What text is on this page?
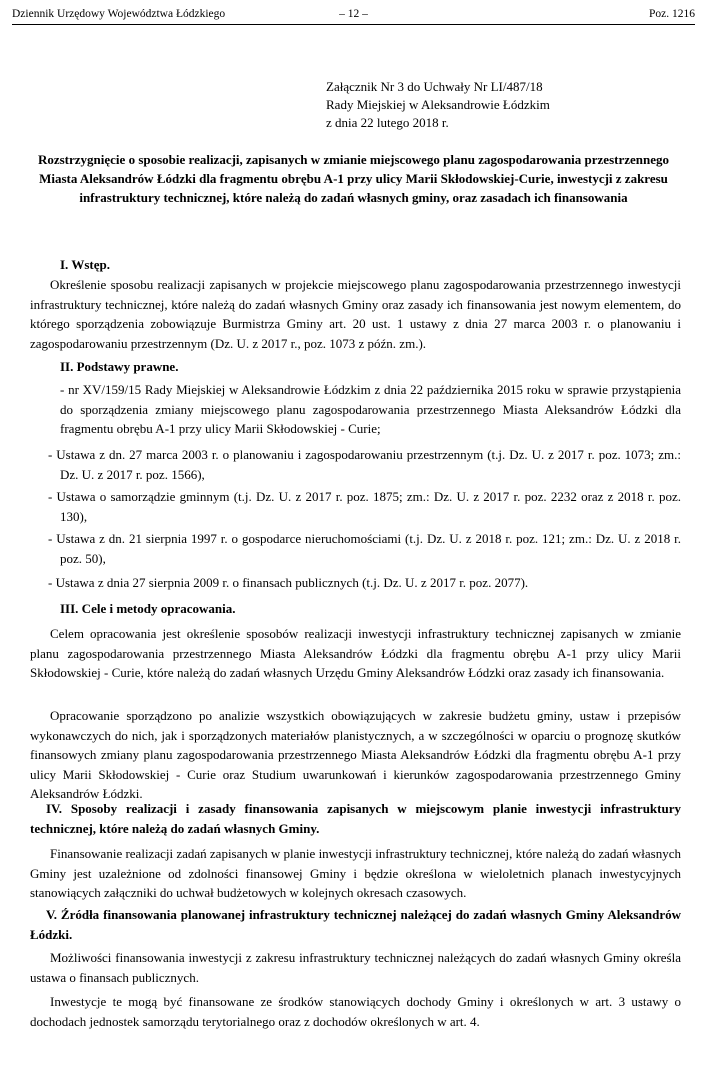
Dziennik Urzędowy Województwa Łódzkiego	– 12 –	Poz. 1216
Załącznik Nr 3 do Uchwały Nr LI/487/18
Rady Miejskiej w Aleksandrowie Łódzkim
z dnia 22 lutego 2018 r.
Rozstrzygnięcie o sposobie realizacji, zapisanych w zmianie miejscowego planu zagospodarowania przestrzennego Miasta Aleksandrów Łódzki dla fragmentu obrębu A-1 przy ulicy Marii Skłodowskiej-Curie, inwestycji z zakresu infrastruktury technicznej, które należą do zadań własnych gminy, oraz zasadach ich finansowania
I. Wstęp.

Określenie sposobu realizacji zapisanych w projekcie miejscowego planu zagospodarowania przestrzennego inwestycji infrastruktury technicznej, które należą do zadań własnych Gminy oraz zasady ich finansowania jest nowym elementem, do którego sporządzenia zobowiązuje Burmistrza Gminy art. 20 ust. 1 ustawy z dnia 27 marca 2003 r. o planowaniu i zagospodarowaniu przestrzennym (Dz. U. z 2017 r., poz. 1073 z późn. zm.).

II. Podstawy prawne.

- nr XV/159/15 Rady Miejskiej w Aleksandrowie Łódzkim z dnia 22 października 2015 roku w sprawie przystąpienia do sporządzenia zmiany miejscowego planu zagospodarowania przestrzennego Miasta Aleksandrów Łódzki dla fragmentu obrębu A-1 przy ulicy Marii Skłodowskiej - Curie;

- Ustawa z dn. 27 marca 2003 r. o planowaniu i zagospodarowaniu przestrzennym (t.j. Dz. U. z 2017 r. poz. 1073; zm.: Dz. U. z 2017 r. poz. 1566),

- Ustawa o samorządzie gminnym (t.j. Dz. U. z 2017 r. poz. 1875; zm.: Dz. U. z 2017 r. poz. 2232 oraz z 2018 r. poz. 130),

- Ustawa z dn. 21 sierpnia 1997 r. o gospodarce nieruchomościami (t.j. Dz. U. z 2018 r. poz. 121; zm.: Dz. U. z 2018 r. poz. 50),

- Ustawa z dnia 27 sierpnia 2009 r. o finansach publicznych (t.j. Dz. U. z 2017 r. poz. 2077).

III. Cele i metody opracowania.

Celem opracowania jest określenie sposobów realizacji inwestycji infrastruktury technicznej zapisanych w zmianie planu zagospodarowania przestrzennego Miasta Aleksandrów Łódzki dla fragmentu obrębu A-1 przy ulicy Marii Skłodowskiej - Curie, które należą do zadań własnych Urzędu Gminy Aleksandrów Łódzki oraz zasady ich finansowania.

Opracowanie sporządzono po analizie wszystkich obowiązujących w zakresie budżetu gminy, ustaw i przepisów wykonawczych do nich, jak i sporządzonych materiałów planistycznych, a w szczególności w oparciu o prognozę skutków finansowych zmiany planu zagospodarowania przestrzennego Miasta Aleksandrów Łódzki dla fragmentu obrębu A-1 przy ulicy Marii Skłodowskiej - Curie oraz Studium uwarunkowań i kierunków zagospodarowania przestrzennego Gminy Aleksandrów Łódzki.

IV. Sposoby realizacji i zasady finansowania zapisanych w miejscowym planie inwestycji infrastruktury technicznej, które należą do zadań własnych Gminy.

Finansowanie realizacji zadań zapisanych w planie inwestycji infrastruktury technicznej, które należą do zadań własnych Gminy jest uzależnione od zdolności finansowej Gminy i będzie określona w wieloletnich planach inwestycyjnych stanowiących załączniki do uchwał budżetowych w kolejnych okresach czasowych.

V. Źródła finansowania planowanej infrastruktury technicznej należącej do zadań własnych Gminy Aleksandrów Łódzki.

Możliwości finansowania inwestycji z zakresu infrastruktury technicznej należących do zadań własnych Gminy określa ustawa o finansach publicznych.

Inwestycje te mogą być finansowane ze środków stanowiących dochody Gminy i określonych w art. 3 ustawy o dochodach jednostek samorządu terytorialnego oraz z dochodów określonych w art. 4.
